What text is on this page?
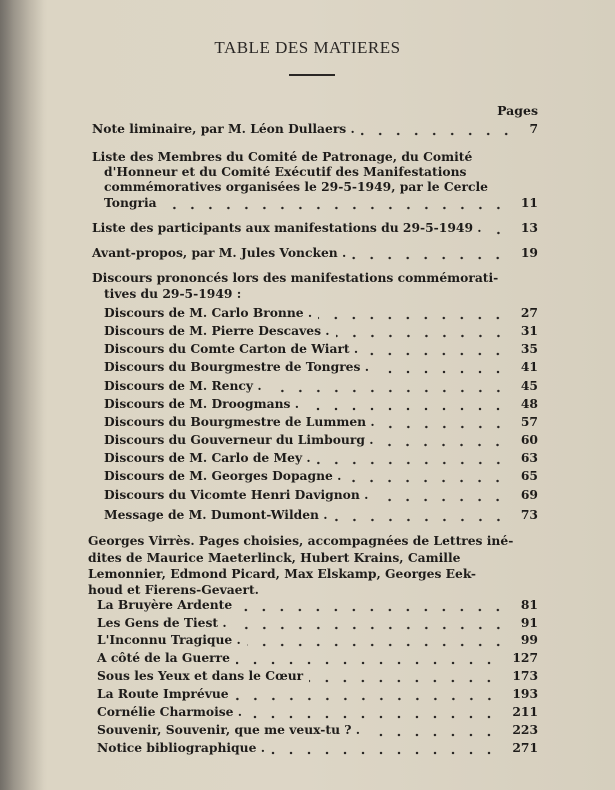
TABLE DES MATIERES
Pages
Note liminaire, par M. Léon Dullaers .	7
Liste des Membres du Comité de Patronage, du Comité
d'Honneur et du Comité Exécutif des Manifestations
commémoratives organisées le 29-5-1949, par le Cercle
Tongria	11
Liste des participants aux manifestations du 29-5-1949 .	13
Avant-propos, par M. Jules Voncken .	19
Discours prononcés lors des manifestations commémorati-
tives du 29-5-1949 :
Discours de M. Carlo Bronne .	27
Discours de M. Pierre Descaves .	31
Discours du Comte Carton de Wiart .	35
Discours du Bourgmestre de Tongres .	41
Discours de M. Rency .	45
Discours de M. Droogmans .	48
Discours du Bourgmestre de Lummen .	57
Discours du Gouverneur du Limbourg .	60
Discours de M. Carlo de Mey .	63
Discours de M. Georges Dopagne .	65
Discours du Vicomte Henri Davignon .	69
Message de M. Dumont-Wilden .	73
Georges Virrès. Pages choisies, accompagnées de Lettres iné-
dites de Maurice Maeterlinck, Hubert Krains, Camille
Lemonnier, Edmond Picard, Max Elskamp, Georges Eek-
houd et Fierens-Gevaert.
La Bruyère Ardente	81
Les Gens de Tiest .	91
L'Inconnu Tragique .	99
A côté de la Guerre	127
Sous les Yeux et dans le Cœur	173
La Route Imprévue	193
Cornélie Charmoise .	211
Souvenir, Souvenir, que me veux-tu ? .	223
Notice bibliographique .	271
